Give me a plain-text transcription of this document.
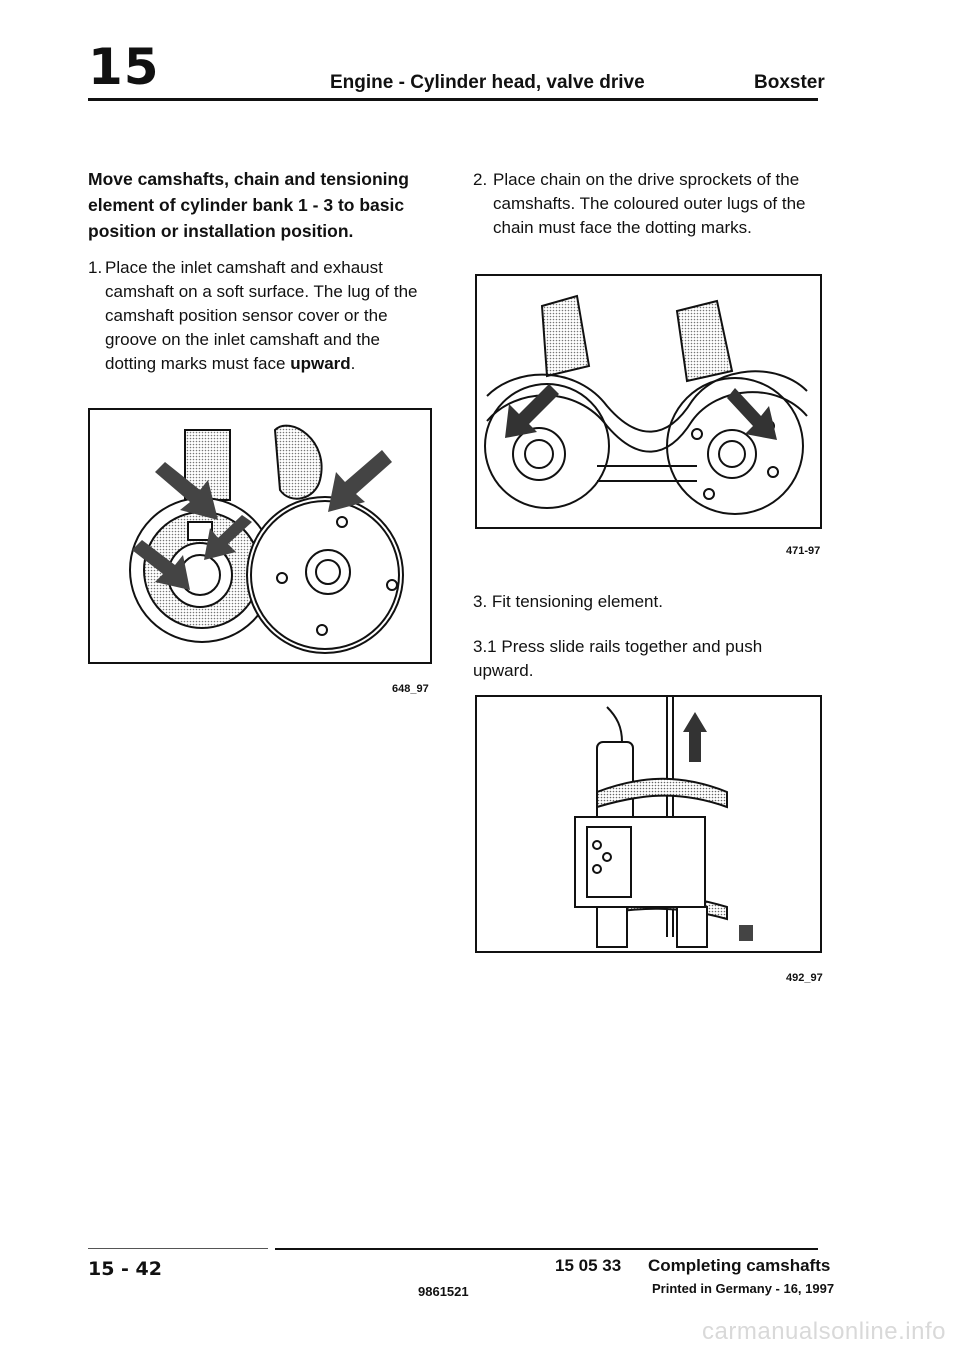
15	Engine - Cylinder head, valve drive	Boxster
Move camshafts, chain and tensioning element of cylinder bank 1 - 3 to basic position or installation position.
1. Place the inlet camshaft and exhaust camshaft on a soft surface. The lug of the camshaft position sensor cover or the groove on the inlet camshaft and the dotting marks must face upward.
648_97
2. Place chain on the drive sprockets of the camshafts. The coloured outer lugs of the chain must face the dotting marks.
471-97
3. Fit tensioning element.
3.1 Press slide rails together and push upward.
492_97
15 - 42	15 05 33 Completing camshafts
9861521	Printed in Germany - 16, 1997
carmanualsonline.info
